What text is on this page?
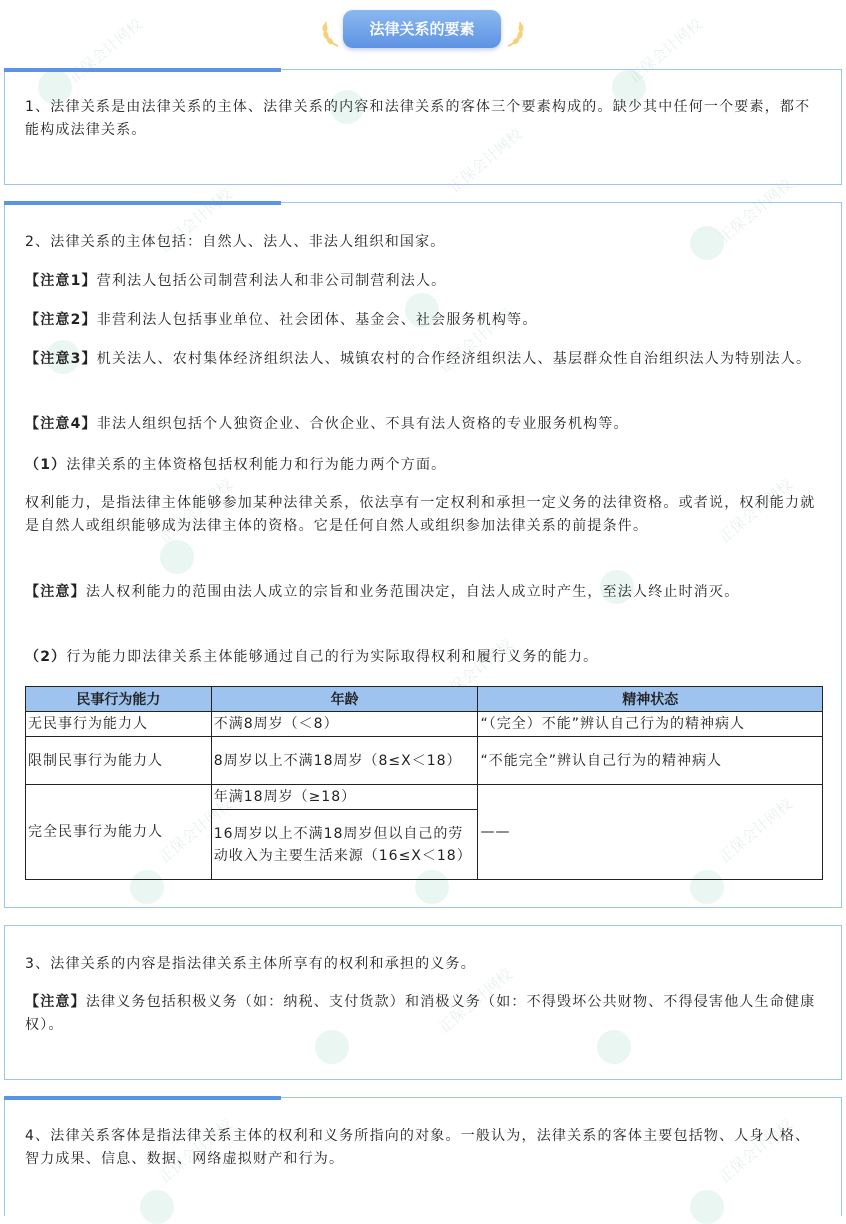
正保会计网校	正保会计网校
正保会计网校
正保会计网校	正保会计网校
正保会计网校
正保会计网校	正保会计网校
正保会计网校
正保会计网校	正保会计网校
正保会计网校
正保会计网校	正保会计网校
法律关系的要素

1、法律关系是由法律关系的主体、法律关系的内容和法律关系的客体三个要素构成的。缺少其中任何一个要素，都不能构成法律关系。

2、法律关系的主体包括：自然人、法人、非法人组织和国家。

【注意1】营利法人包括公司制营利法人和非公司制营利法人。

【注意2】非营利法人包括事业单位、社会团体、基金会、社会服务机构等。

【注意3】机关法人、农村集体经济组织法人、城镇农村的合作经济组织法人、基层群众性自治组织法人为特别法人。

【注意4】非法人组织包括个人独资企业、合伙企业、不具有法人资格的专业服务机构等。

（1）法律关系的主体资格包括权利能力和行为能力两个方面。

权利能力，是指法律主体能够参加某种法律关系，依法享有一定权利和承担一定义务的法律资格。或者说，权利能力就是自然人或组织能够成为法律主体的资格。它是任何自然人或组织参加法律关系的前提条件。

【注意】法人权利能力的范围由法人成立的宗旨和业务范围决定，自法人成立时产生，至法人终止时消灭。

（2）行为能力即法律关系主体能够通过自己的行为实际取得权利和履行义务的能力。

民事行为能力	年龄	精神状态
无民事行为能力人	不满8周岁（＜8）	“（完全）不能”辨认自己行为的精神病人
限制民事行为能力人	8周岁以上不满18周岁（8≤X＜18）	“不能完全”辨认自己行为的精神病人
完全民事行为能力人	年满18周岁（≥18）	——
	16周岁以上不满18周岁但以自己的劳动收入为主要生活来源（16≤X＜18）	

3、法律关系的内容是指法律关系主体所享有的权利和承担的义务。

【注意】法律义务包括积极义务（如：纳税、支付货款）和消极义务（如：不得毁坏公共财物、不得侵害他人生命健康权）。

4、法律关系客体是指法律关系主体的权利和义务所指向的对象。一般认为，法律关系的客体主要包括物、人身人格、智力成果、信息、数据、网络虚拟财产和行为。
